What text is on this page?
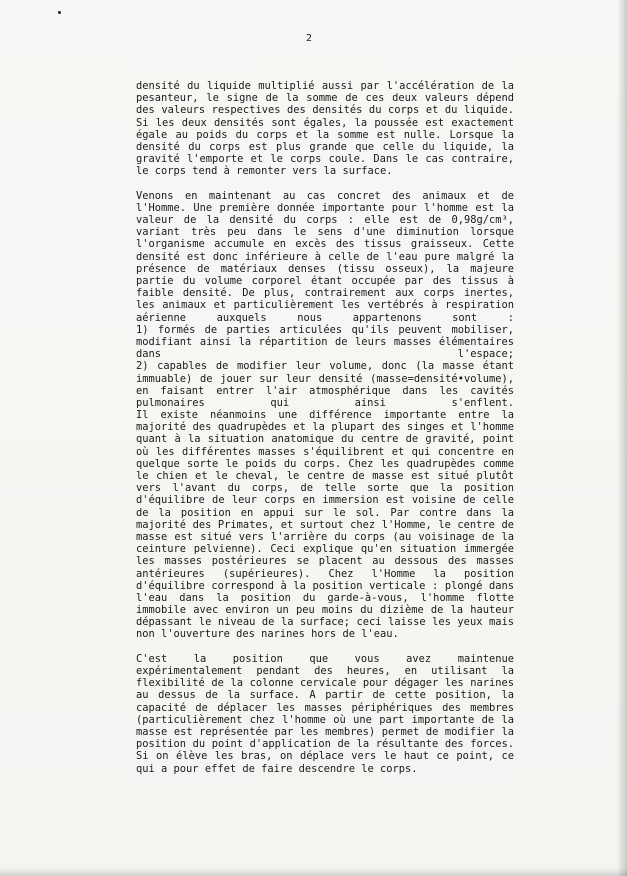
2
densité du liquide multiplié aussi par l'accélération de la
pesanteur, le signe de la somme de ces deux valeurs dépend
des valeurs respectives des densités du corps et du liquide.
Si les deux densités sont égales, la poussée est exactement
égale au poids du corps et la somme est nulle. Lorsque la
densité du corps est plus grande que celle du liquide, la
gravité l'emporte et le corps coule. Dans le cas contraire,
le corps tend à remonter vers la surface.
Venons en maintenant au cas concret des animaux et de
l'Homme. Une première donnée importante pour l'homme est la
valeur de la densité du corps : elle est de 0,98g/cm³,
variant très peu dans le sens d'une diminution lorsque
l'organisme accumule en excès des tissus graisseux. Cette
densité est donc inférieure à celle de l'eau pure malgré la
présence de matériaux denses (tissu osseux), la majeure
partie du volume corporel étant occupée par des tissus à
faible densité. De plus, contrairement aux corps inertes,
les animaux et particulièrement les vertébrés à respiration
aérienne auxquels nous appartenons sont :
1) formés de parties articulées qu'ils peuvent mobiliser,
modifiant ainsi la répartition de leurs masses élémentaires
dans l'espace;
2) capables de modifier leur volume, donc (la masse étant
immuable) de jouer sur leur densité (masse=densité•volume),
en faisant entrer l'air atmosphérique dans les cavités
pulmonaires qui ainsi s'enflent.
Il existe néanmoins une différence importante entre la
majorité des quadrupèdes et la plupart des singes et l'homme
quant à la situation anatomique du centre de gravité, point
où les différentes masses s'équilibrent et qui concentre en
quelque sorte le poids du corps. Chez les quadrupèdes comme
le chien et le cheval, le centre de masse est situé plutôt
vers l'avant du corps, de telle sorte que la position
d'équilibre de leur corps en immersion est voisine de celle
de la position en appui sur le sol. Par contre dans la
majorité des Primates, et surtout chez l'Homme, le centre de
masse est situé vers l'arrière du corps (au voisinage de la
ceinture pelvienne). Ceci explique qu'en situation immergée
les masses postérieures se placent au dessous des masses
antérieures (supérieures). Chez l'Homme la position
d'équilibre correspond à la position verticale : plongé dans
l'eau dans la position du garde-à-vous, l'homme flotte
immobile avec environ un peu moins du dizième de la hauteur
dépassant le niveau de la surface; ceci laisse les yeux mais
non l'ouverture des narines hors de l'eau.
C'est la position que vous avez maintenue
expérimentalement pendant des heures, en utilisant la
flexibilité de la colonne cervicale pour dégager les narines
au dessus de la surface. A partir de cette position, la
capacité de déplacer les masses périphériques des membres
(particulièrement chez l'homme où une part importante de la
masse est représentée par les membres) permet de modifier la
position du point d'application de la résultante des forces.
Si on élève les bras, on déplace vers le haut ce point, ce
qui a pour effet de faire descendre le corps.
